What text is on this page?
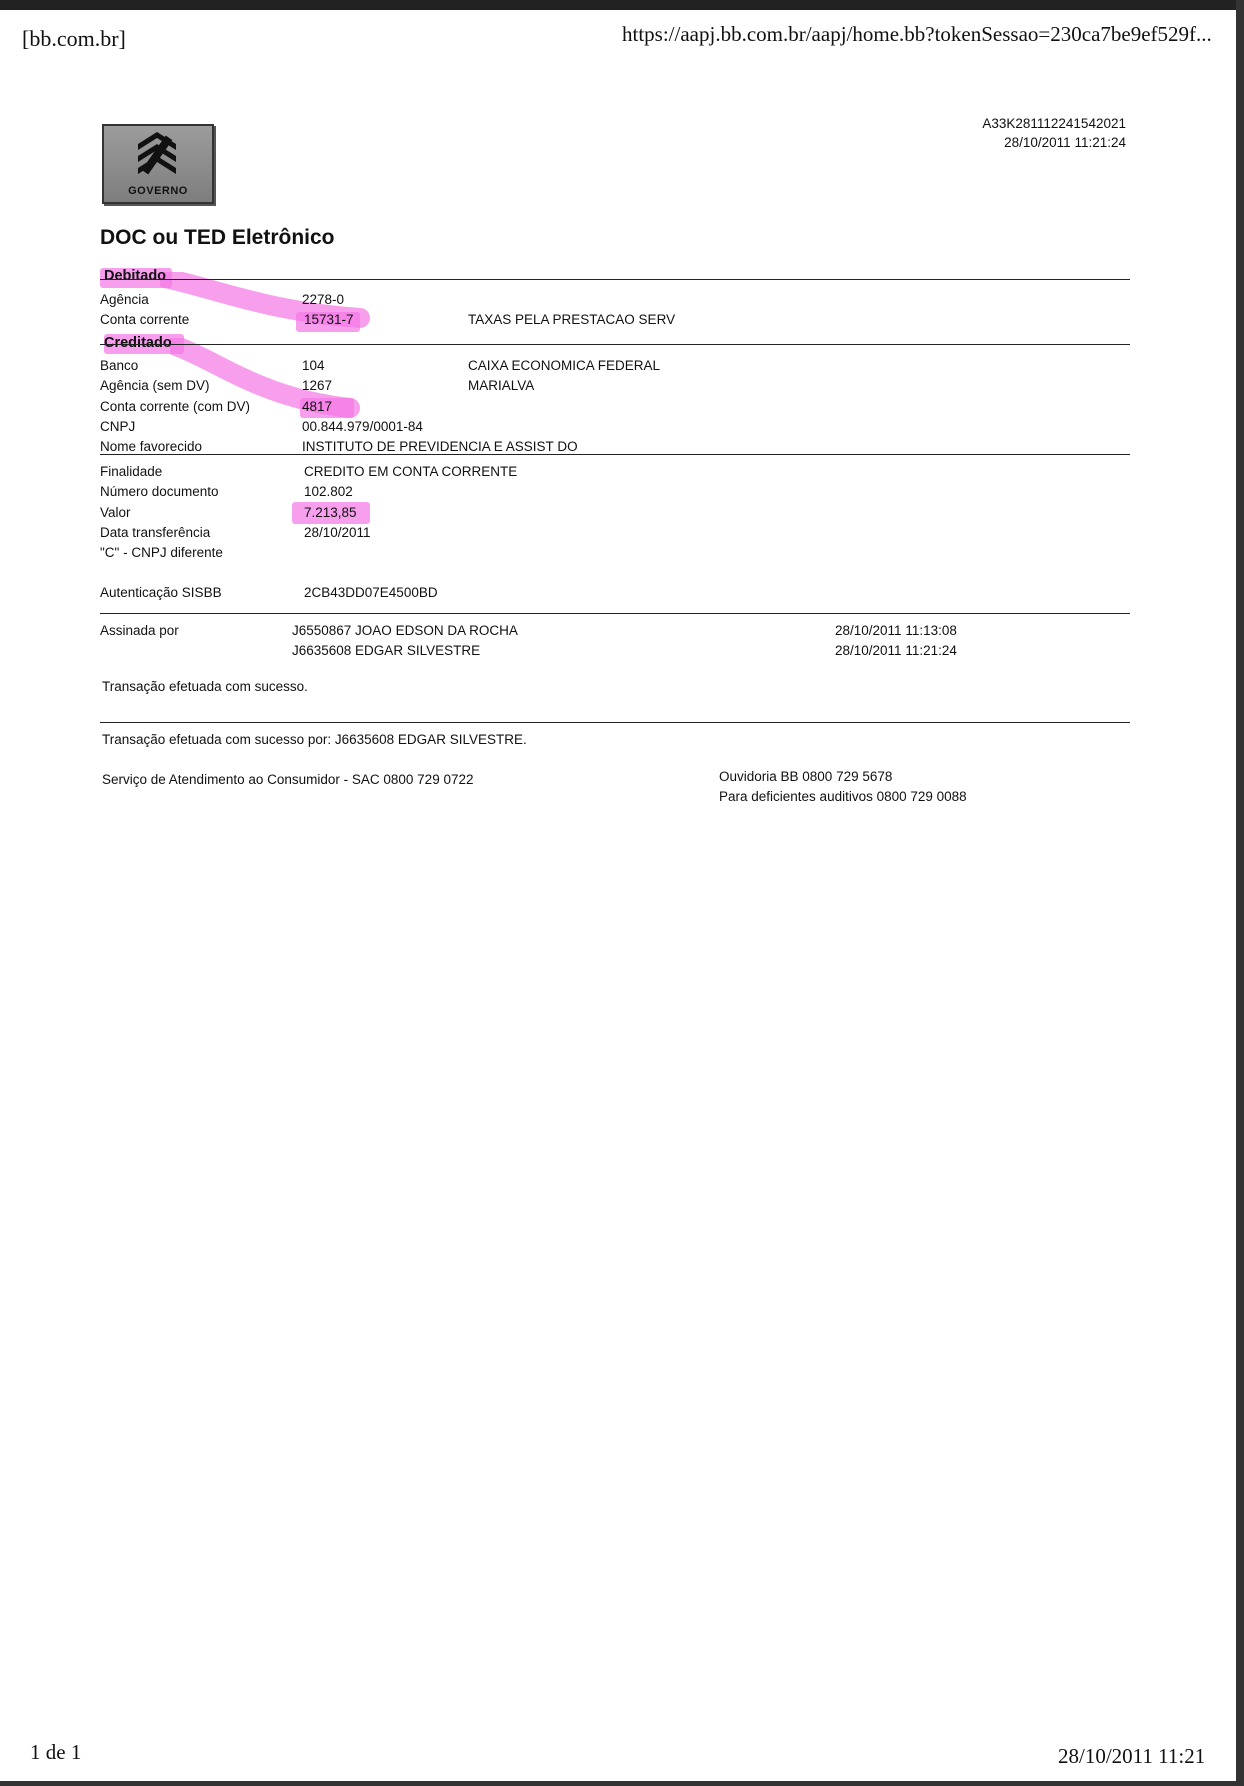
[bb.com.br]	https://aapj.bb.com.br/aapj/home.bb?tokenSessao=230ca7be9ef529f...
GOVERNO
A33K281112241542021
28/10/2011 11:21:24
DOC ou TED Eletrônico
Debitado
Agência	2278-0
Conta corrente	15731-7	TAXAS PELA PRESTACAO SERV
Creditado
Banco	104	CAIXA ECONOMICA FEDERAL
Agência (sem DV)	1267	MARIALVA
Conta corrente (com DV)	4817
CNPJ	00.844.979/0001-84
Nome favorecido	INSTITUTO DE PREVIDENCIA E ASSIST DO
Finalidade	CREDITO EM CONTA CORRENTE
Número documento	102.802
Valor	7.213,85
Data transferência	28/10/2011
"C" - CNPJ diferente
Autenticação SISBB	2CB43DD07E4500BD
Assinada por	J6550867 JOAO EDSON DA ROCHA	28/10/2011 11:13:08
J6635608 EDGAR SILVESTRE	28/10/2011 11:21:24
Transação efetuada com sucesso.
Transação efetuada com sucesso por: J6635608 EDGAR SILVESTRE.
Serviço de Atendimento ao Consumidor - SAC 0800 729 0722	Ouvidoria BB 0800 729 5678
Para deficientes auditivos 0800 729 0088
1 de 1	28/10/2011 11:21
